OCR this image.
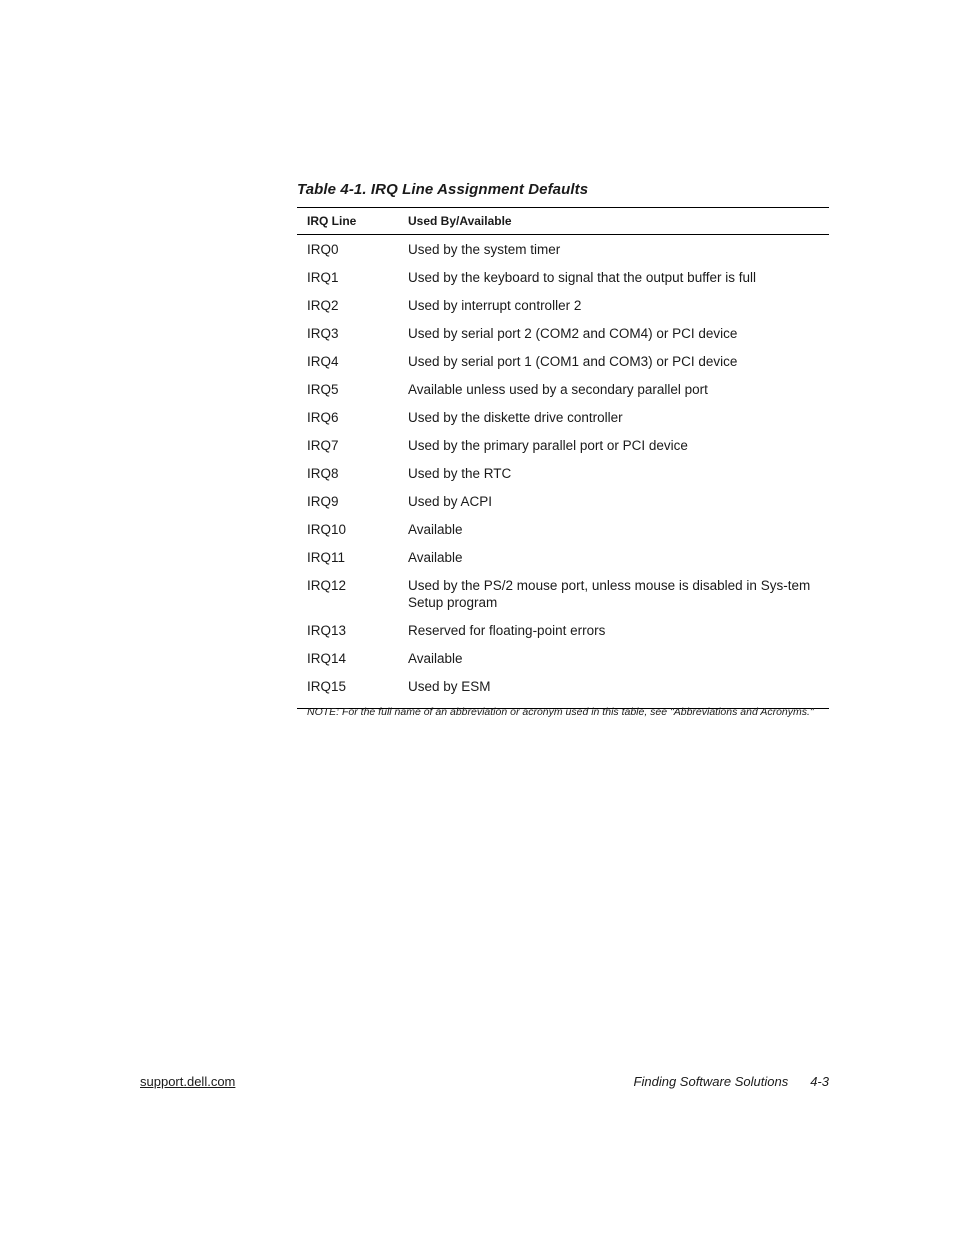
Table 4-1. IRQ Line Assignment Defaults
IRQ Line	Used By/Available
IRQ0	Used by the system timer
IRQ1	Used by the keyboard to signal that the output buffer is full
IRQ2	Used by interrupt controller 2
IRQ3	Used by serial port 2 (COM2 and COM4) or PCI device
IRQ4	Used by serial port 1 (COM1 and COM3) or PCI device
IRQ5	Available unless used by a secondary parallel port
IRQ6	Used by the diskette drive controller
IRQ7	Used by the primary parallel port or PCI device
IRQ8	Used by the RTC
IRQ9	Used by ACPI
IRQ10	Available
IRQ11	Available
IRQ12	Used by the PS/2 mouse port, unless mouse is disabled in Sys-tem Setup program
IRQ13	Reserved for floating-point errors
IRQ14	Available
IRQ15	Used by ESM
NOTE: For the full name of an abbreviation or acronym used in this table, see "Abbreviations and Acronyms."
support.dell.com	Finding Software Solutions 4-3
